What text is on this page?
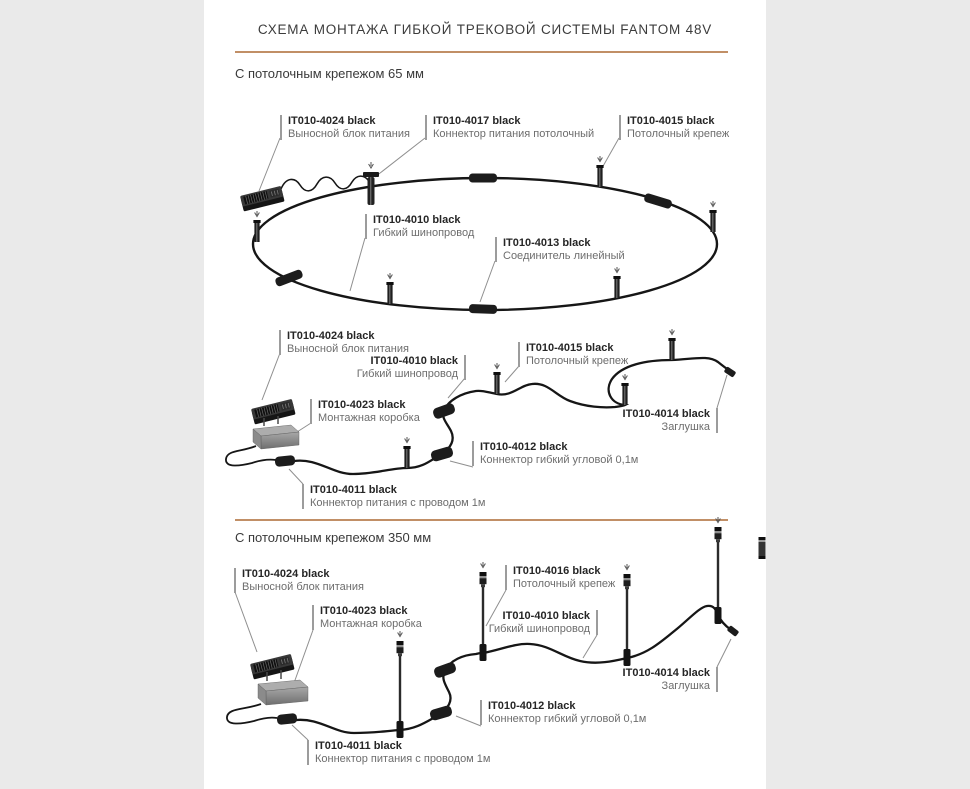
СХЕМА МОНТАЖА ГИБКОЙ ТРЕКОВОЙ СИСТЕМЫ FANTOM 48V
С потолочным крепежом 65 мм
С потолочным крепежом 350 мм
IT010-4024 black
Выносной блок питания
IT010-4017 black
Коннектор питания потолочный
IT010-4015 black
Потолочный крепеж
IT010-4010 black
Гибкий шинопровод
IT010-4013 black
Соединитель линейный
IT010-4024 black
Выносной блок питания	IT010-4015 black
Потолочный крепеж
IT010-4010 black
Гибкий шинопровод
IT010-4023 black
Монтажная коробка	IT010-4014 black
Заглушка
IT010-4012 black
Коннектор гибкий угловой 0,1м
IT010-4011 black
Коннектор питания с проводом 1м
IT010-4024 black
Выносной блок питания
IT010-4023 black
Монтажная коробка
IT010-4016 black
Потолочный крепеж
IT010-4010 black
Гибкий шинопровод
IT010-4014 black
Заглушка
IT010-4012 black
Коннектор гибкий угловой 0,1м
IT010-4011 black
Коннектор питания с проводом 1м
